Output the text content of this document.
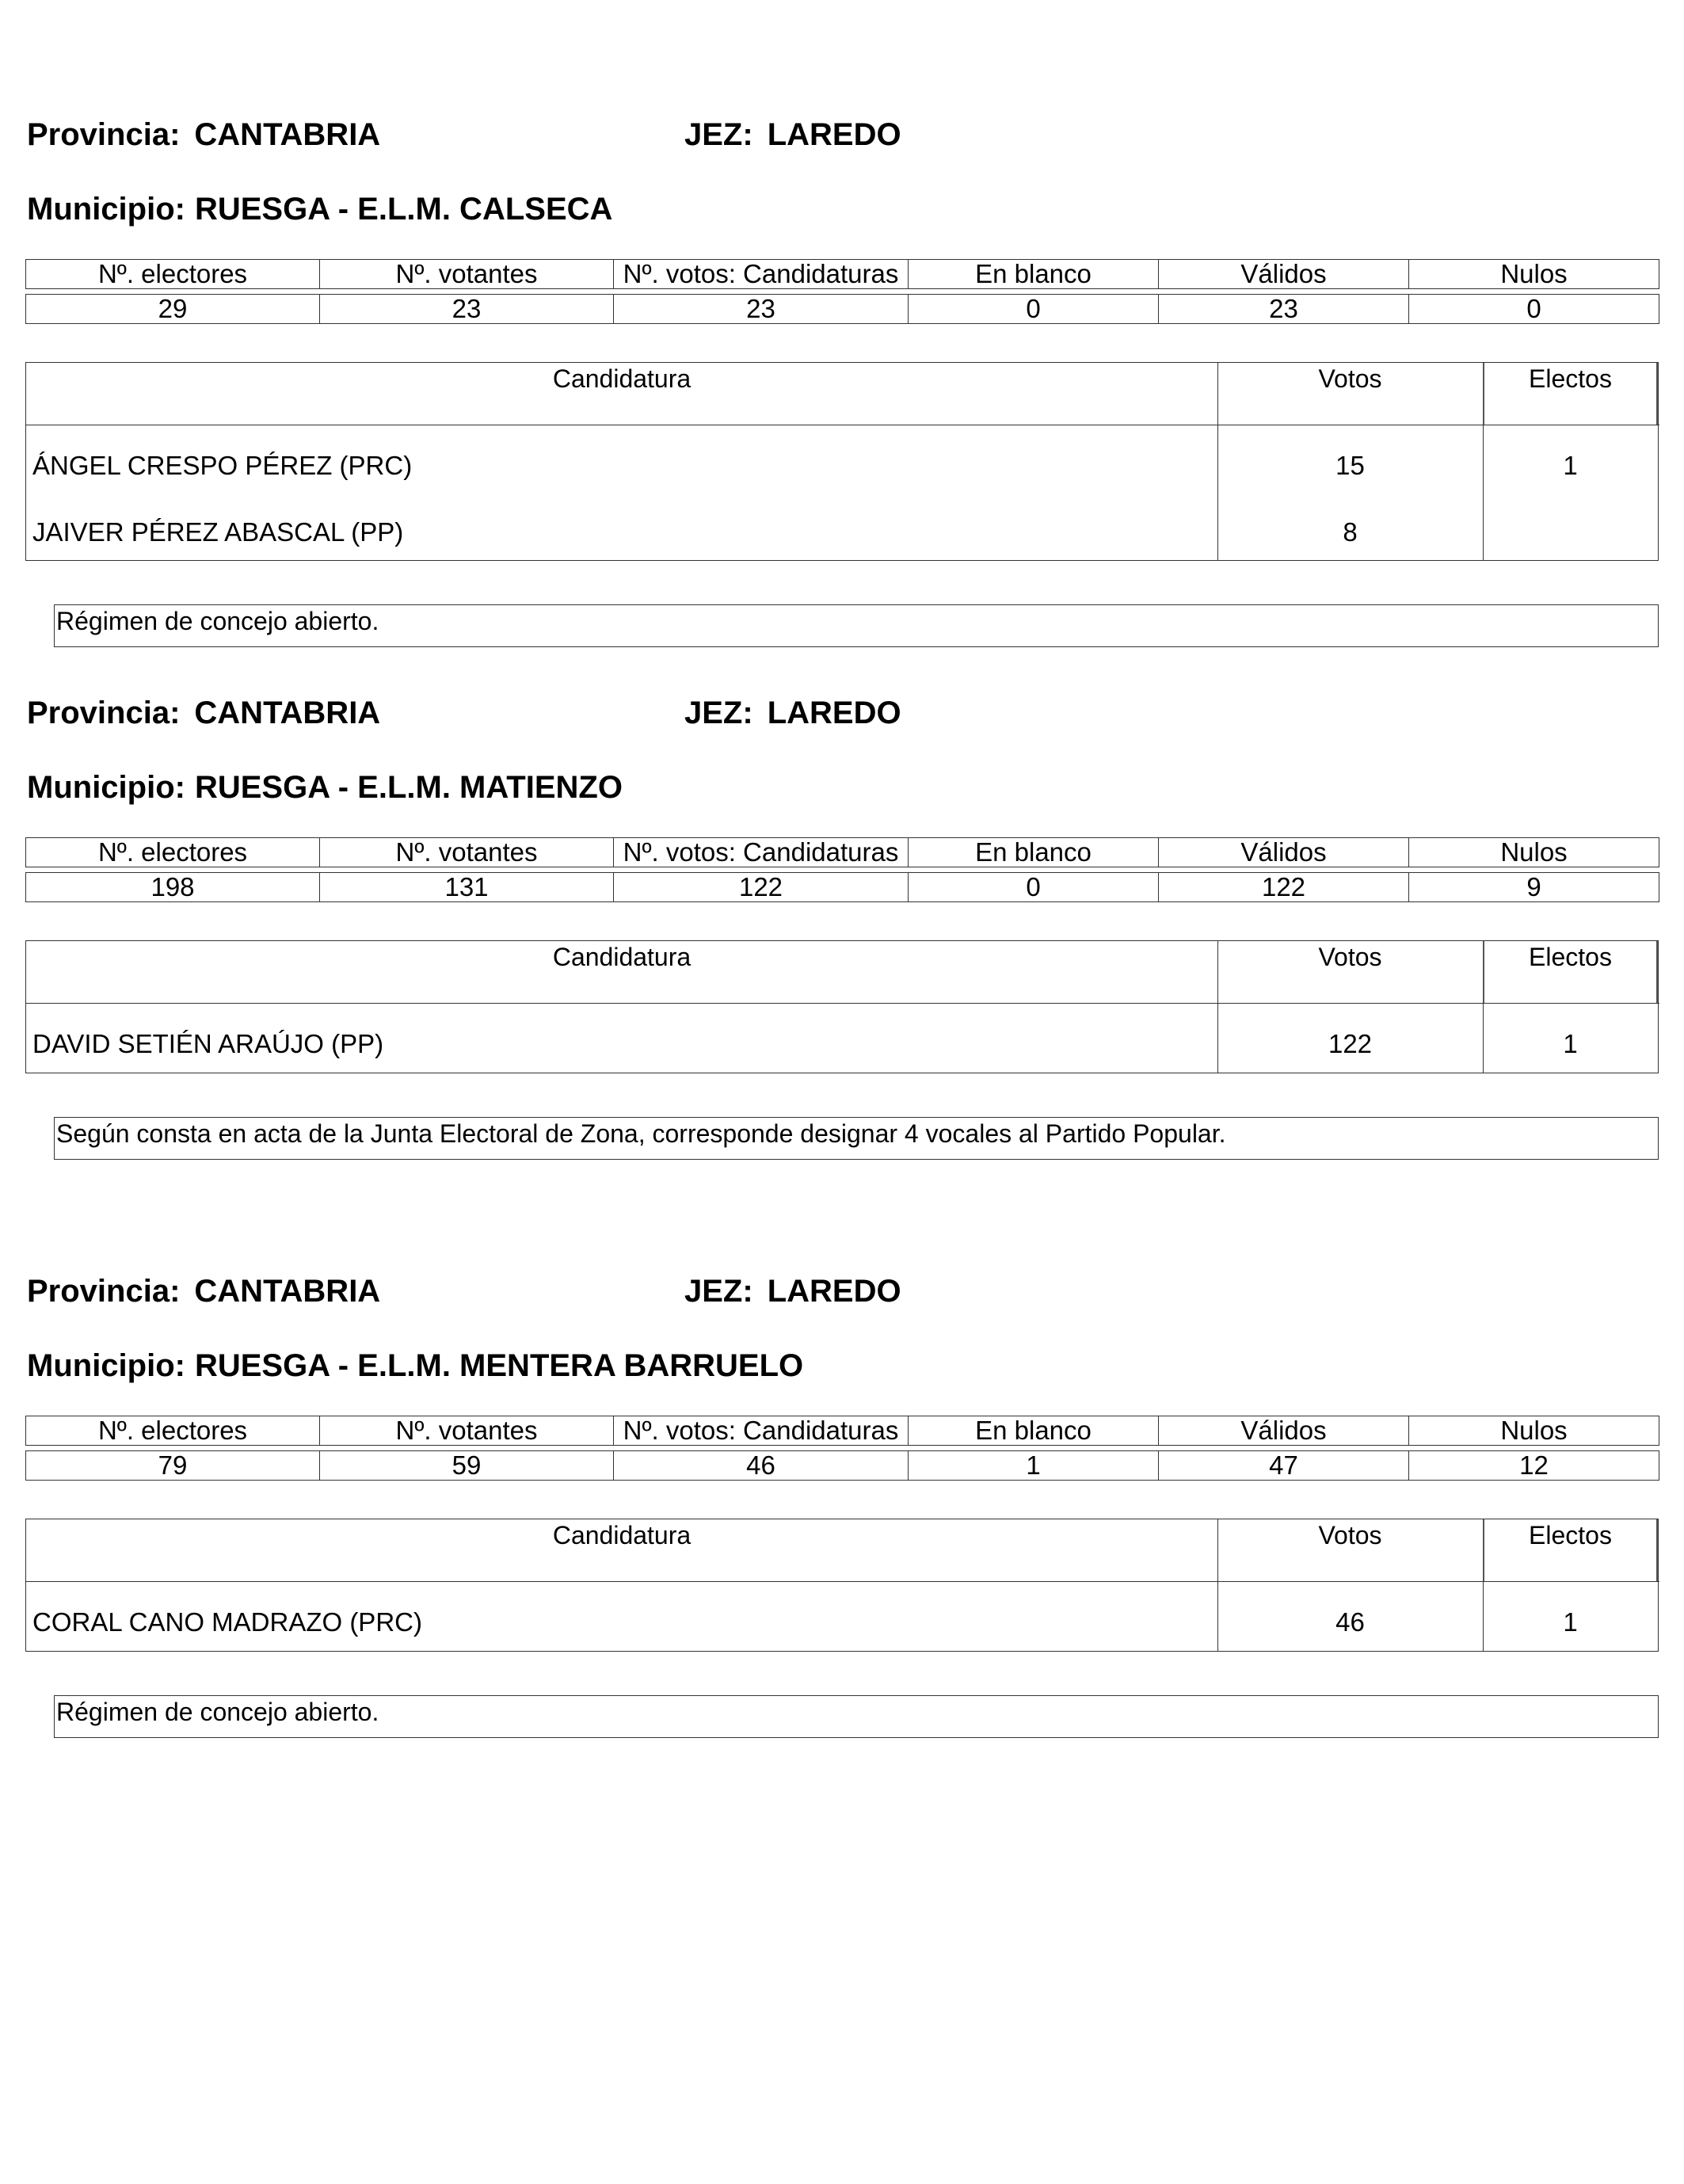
Provincia: CANTABRIA	JEZ: LAREDO
Municipio: RUESGA - E.L.M. CALSECA
Nº. electores	Nº. votantes	Nº. votos: Candidaturas	En blanco	Válidos	Nulos
29	23	23	0	23	0
Candidatura	Votos	Electos
ÁNGEL CRESPO PÉREZ (PRC)	15	1
JAIVER PÉREZ ABASCAL (PP)	8
Régimen de concejo abierto.
Provincia: CANTABRIA	JEZ: LAREDO
Municipio: RUESGA - E.L.M. MATIENZO
Nº. electores	Nº. votantes	Nº. votos: Candidaturas	En blanco	Válidos	Nulos
198	131	122	0	122	9
Candidatura	Votos	Electos
DAVID SETIÉN ARAÚJO (PP)	122	1
Según consta en acta de la Junta Electoral de Zona, corresponde designar 4 vocales al Partido Popular.
Provincia: CANTABRIA	JEZ: LAREDO
Municipio: RUESGA - E.L.M. MENTERA BARRUELO
Nº. electores	Nº. votantes	Nº. votos: Candidaturas	En blanco	Válidos	Nulos
79	59	46	1	47	12
Candidatura	Votos	Electos
CORAL CANO MADRAZO (PRC)	46	1
Régimen de concejo abierto.
